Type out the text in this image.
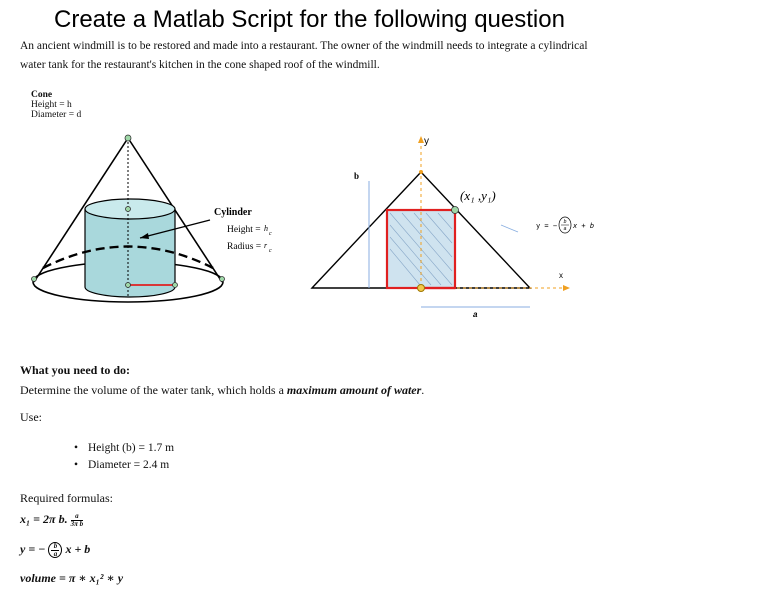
Create a Matlab Script for the following question
An ancient windmill is to be restored and made into a restaurant. The owner of the windmill needs to integrate a cylindrical
water tank for the restaurant's kitchen in the cone shaped roof of the windmill.
Cone
Height = h
Diameter = d
Cylinder
Height = h
c
Radius = r
c
y
b
(x₁ ,y₁)
a
x
y = − b
a x + b
What you need to do:
Determine the volume of the water tank, which holds a maximum amount of water.
Use:
• Height (b) = 1.7 m
• Diameter = 2.4 m
Required formulas:
x₁ = 2π b. $\frac{a}{\text{3π b}}$
y = − $\frac{b}{a}$ x + b
volume = π ∗ x₁² ∗ y
